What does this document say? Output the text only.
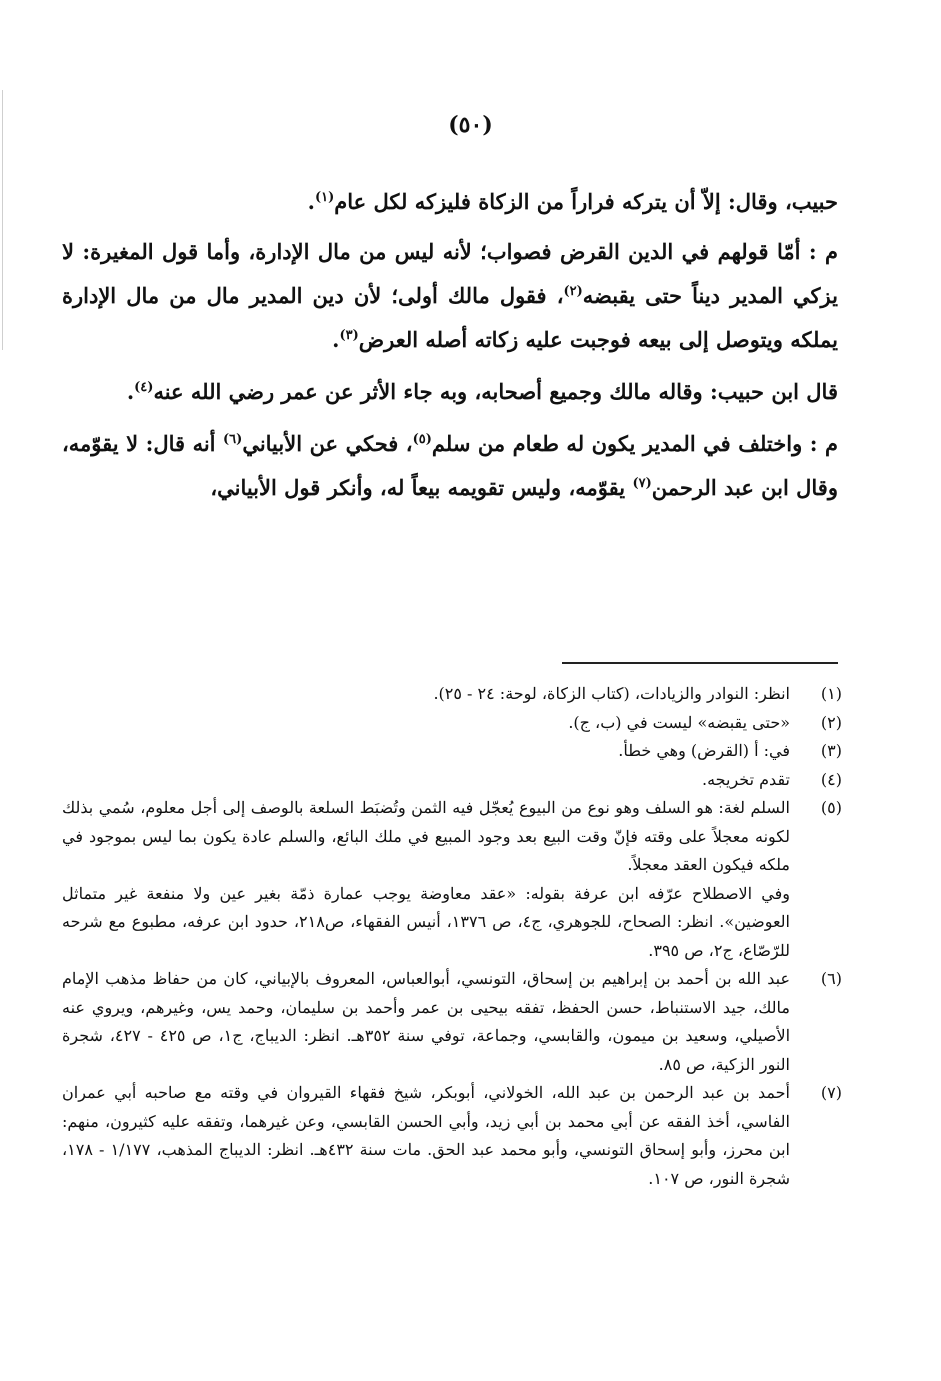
(٥٠)

حبيب، وقال: إلاّ أن يتركه فراراً من الزكاة فليزكه لكل عام$^{(١)}$.

م : أمّا قولهم في الدين القرض فصواب؛ لأنه ليس من مال الإدارة، وأما قول المغيرة: لا يزكي المدير ديناً حتى يقبضه$^{(٢)}$، فقول مالك أولى؛ لأن دين المدير مال من مال الإدارة يملكه ويتوصل إلى بيعه فوجبت عليه زكاته أصله العرض$^{(٣)}$.

قال ابن حبيب: وقاله مالك وجميع أصحابه، وبه جاء الأثر عن عمر رضي الله عنه$^{(٤)}$.

م : واختلف في المدير يكون له طعام من سلم$^{(٥)}$، فحكي عن الأبياني$^{(٦)}$ أنه قال: لا يقوّمه، وقال ابن عبد الرحمن$^{(٧)}$ يقوّمه، وليس تقويمه بيعاً له، وأنكر قول الأبياني،

(١)

انظر: النوادر والزيادات، (كتاب الزكاة، لوحة: ٢٤ - ٢٥).

(٢)

«حتى يقبضه» ليست في (ب، ج).

(٣)

في: أ (القرض) وهي خطأ.

(٤)

تقدم تخريجه.

(٥)

السلم لغة: هو السلف وهو نوع من البيوع يُعجّل فيه الثمن وتُضبَط السلعة بالوصف إلى أجل معلوم، سُمي بذلك لكونه معجلاً على وقته فإنّ وقت البيع بعد وجود المبيع في ملك البائع، والسلم عادة يكون بما ليس بموجود في ملكه فيكون العقد معجلاً.

وفي الاصطلاح عرّفه ابن عرفة بقوله: «عقد معاوضة يوجب عمارة ذمّة بغير عين ولا منفعة غير متماثل العوضين». انظر: الصحاح، للجوهري، ج٤، ص ١٣٧٦، أنيس الفقهاء، ص٢١٨، حدود ابن عرفه، مطبوع مع شرحه للرّصّاع، ج٢، ص ٣٩٥.

(٦)

عبد الله بن أحمد بن إبراهيم بن إسحاق، التونسي، أبوالعباس، المعروف بالإبياني، كان من حفاظ مذهب الإمام مالك، جيد الاستنباط، حسن الحفظ، تفقه بيحيى بن عمر وأحمد بن سليمان، وحمد يس، وغيرهم، ويروي عنه الأصيلي، وسعيد بن ميمون، والقابسي، وجماعة، توفي سنة ٣٥٢هـ. انظر: الديباج، ج١، ص ٤٢٥ - ٤٢٧، شجرة النور الزكية، ص ٨٥.

(٧)

أحمد بن عبد الرحمن بن عبد الله، الخولاني، أبوبكر، شيخ فقهاء القيروان في وقته مع صاحبه أبي عمران الفاسي، أخذ الفقه عن أبي محمد بن أبي زيد، وأبي الحسن القابسي، وعن غيرهما، وتفقه عليه كثيرون، منهم: ابن محرز، وأبو إسحاق التونسي، وأبو محمد عبد الحق. مات سنة ٤٣٢هـ. انظر: الديباج المذهب، ١/١٧٧ - ١٧٨، شجرة النور، ص ١٠٧.
